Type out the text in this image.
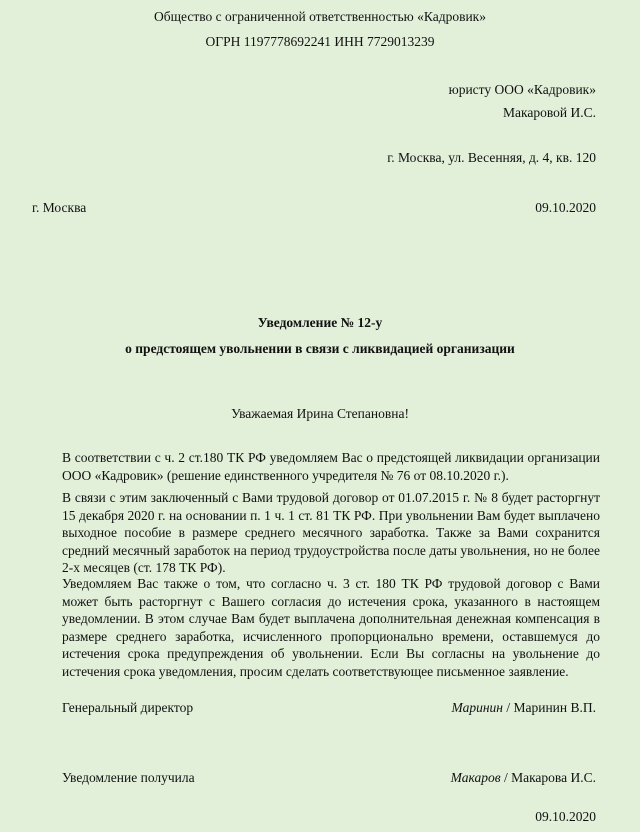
Общество с ограниченной ответственностью «Кадровик»
ОГРН 1197778692241 ИНН 7729013239
юристу ООО «Кадровик»
Макаровой И.С.
г. Москва, ул. Весенняя, д. 4, кв. 120
г. Москва	09.10.2020
Уведомление № 12-у
о предстоящем увольнении в связи с ликвидацией организации
Уважаемая Ирина Степановна!
В соответствии с ч. 2 ст.180 ТК РФ уведомляем Вас о предстоящей ликвидации организации ООО «Кадровик» (решение единственного учредителя № 76 от 08.10.2020 г.).
В связи с этим заключенный с Вами трудовой договор от 01.07.2015 г. № 8 будет расторгнут 15 декабря 2020 г. на основании п. 1 ч. 1 ст. 81 ТК РФ. При увольнении Вам будет выплачено выходное пособие в размере среднего месячного заработка. Также за Вами сохранится средний месячный заработок на период трудоустройства после даты увольнения, но не более 2-х месяцев (ст. 178 ТК РФ).
Уведомляем Вас также о том, что согласно ч. 3 ст. 180 ТК РФ трудовой договор с Вами может быть расторгнут с Вашего согласия до истечения срока, указанного в настоящем уведомлении. В этом случае Вам будет выплачена дополнительная денежная компенсация в размере среднего заработка, исчисленного пропорционально времени, оставшемуся до истечения срока предупреждения об увольнении. Если Вы согласны на увольнение до истечения срока уведомления, просим сделать соответствующее письменное заявление.
Генеральный директор	Маринин / Маринин В.П.
Уведомление получила	Макаров / Макарова И.С.
09.10.2020
